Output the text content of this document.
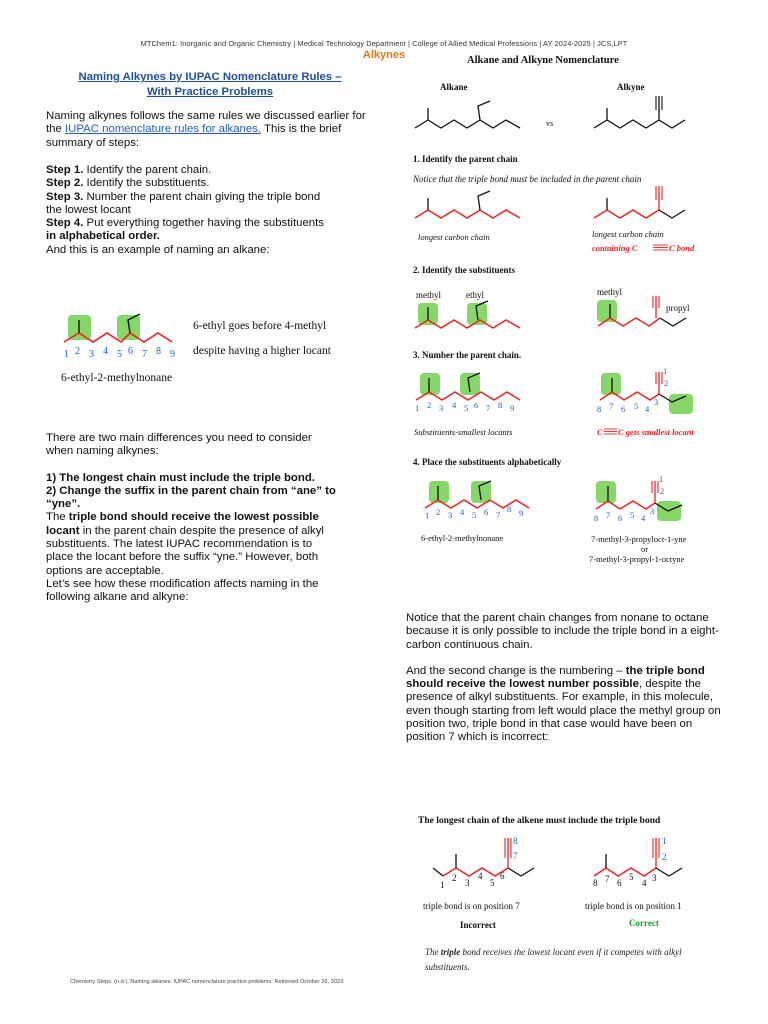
MTChem1: Inorganic and Organic Chemistry | Medical Technology Department | College of Allied Medical Professions | AY 2024-2025 | JCS,LPT
Alkynes
Naming Alkynes by IUPAC Nomenclature Rules –
With Practice Problems
Naming alkynes follows the same rules we discussed earlier for the IUPAC nomenclature rules for alkanes. This is the brief summary of steps:
Step 1. Identify the parent chain.
Step 2. Identify the substituents.
Step 3. Number the parent chain giving the triple bond the lowest locant
Step 4. Put everything together having the substituents in alphabetical order.
And this is an example of naming an alkane:
1 2 3 4 5 6 7 8 9
6-ethyl goes before 4-methyl
despite having a higher locant
6-ethyl-2-methylnonane
There are two main differences you need to consider when naming alkynes:
1) The longest chain must include the triple bond.
2) Change the suffix in the parent chain from “ane” to “yne”.
The triple bond should receive the lowest possible locant in the parent chain despite the presence of alkyl substituents. The latest IUPAC recommendation is to place the locant before the suffix “yne.” However, both options are acceptable.
Let’s see how these modification affects naming in the following alkane and alkyne:
Alkane and Alkyne Nomenclature
Alkane	Alkyne
vs
1. Identify the parent chain
Notice that the triple bond must be included in the parent chain
longest carbon chain	longest carbon chain
containing C	C bond
2. Identify the substituents
methyl	ethyl	methyl
propyl
3. Number the parent chain.
1 2 3 4 5 6 7 8 9	8 7 6 5 4
3
2
1
Substituents-smallest locants	C C gets smallest locant
4. Place the substituents alphabetically
1 2 3 4 5 6 7
8 9	8 7 6 5 4
3
2
1
6-ethyl-2-methylnonane	7-methyl-3-propyloct-1-yne
or
7-methyl-3-propyl-1-octyne
Notice that the parent chain changes from nonane to octane because it is only possible to include the triple bond in a eight-carbon continuous chain.
And the second change is the numbering – the triple bond should receive the lowest number possible, despite the presence of alkyl substituents. For example, in this molecule, even though starting from left would place the methyl group on position two, triple bond in that case would have been on position 7 which is incorrect:
The longest chain of the alkene must include the triple bond
1
2 3
4
5
6
7
8
8 7 6
5
4 3
2
1
triple bond is on position 7
Incorrect
triple bond is on position 1
Correct
The triple bond receives the lowest locant even if it competes with alkyl substituents.
Chemistry Steps. (n.d.). Naming alkanes: IUPAC nomenclature practice problems. Retrieved October 26, 2023.
